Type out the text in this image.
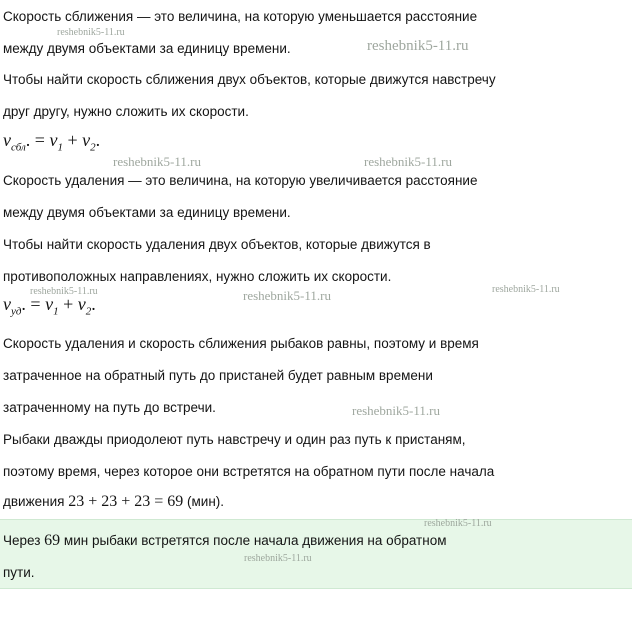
Скорость сближения — это величина, на которую уменьшается расстояние
между двумя объектами за единицу времени.
Чтобы найти скорость сближения двух объектов, которые движутся навстречу
друг другу, нужно сложить их скорости.
$v_{сбл}$. = $v_1 + v_2$.
Скорость удаления — это величина, на которую увеличивается расстояние
между двумя объектами за единицу времени.
Чтобы найти скорость удаления двух объектов, которые движутся в
противоположных направлениях, нужно сложить их скорости.
$v_{уд}$. = $v_1 + v_2$.
Скорость удаления и скорость сближения рыбаков равны, поэтому и время
затраченное на обратный путь до пристаней будет равным времени
затраченному на путь до встречи.
Рыбаки дважды приодолеют путь навстречу и один раз путь к пристаням,
поэтому время, через которое они встретятся на обратном пути после начала
движения 23 + 23 + 23 = 69 (мин).
Через 69 мин рыбаки встретятся после начала движения на обратном
пути.
reshebnik5-11.ru
reshebnik5-11.ru
reshebnik5-11.ru	reshebnik5-11.ru
reshebnik5-11.ru	reshebnik5-11.ru	reshebnik5-11.ru
reshebnik5-11.ru
reshebnik5-11.ru
reshebnik5-11.ru
